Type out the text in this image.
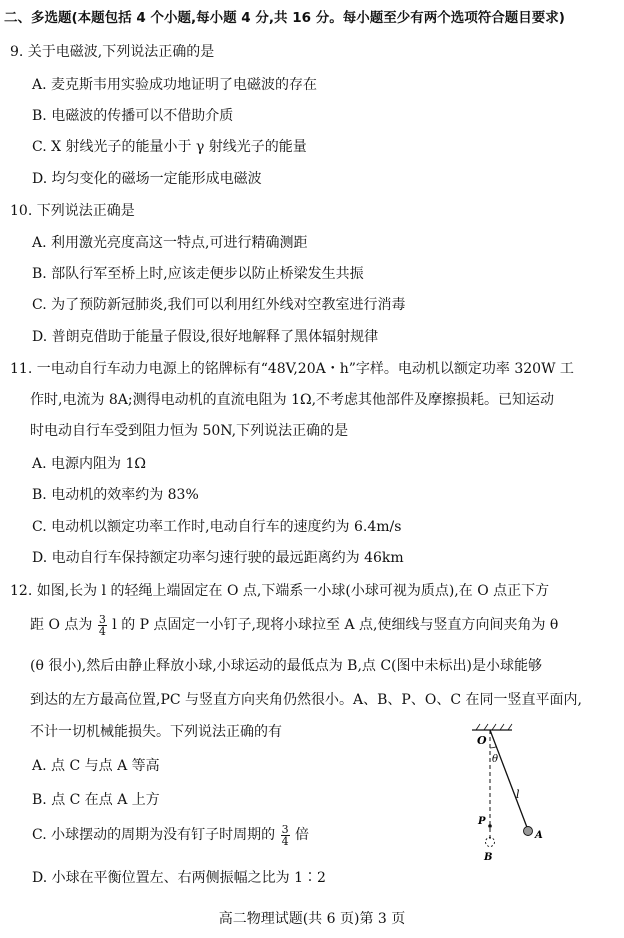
二、多选题(本题包括 4 个小题,每小题 4 分,共 16 分。每小题至少有两个选项符合题目要求)
9. 关于电磁波,下列说法正确的是
A. 麦克斯韦用实验成功地证明了电磁波的存在
B. 电磁波的传播可以不借助介质
C. X 射线光子的能量小于 γ 射线光子的能量
D. 均匀变化的磁场一定能形成电磁波
10. 下列说法正确是
A. 利用激光亮度高这一特点,可进行精确测距
B. 部队行军至桥上时,应该走便步以防止桥梁发生共振
C. 为了预防新冠肺炎,我们可以利用红外线对空教室进行消毒
D. 普朗克借助于能量子假设,很好地解释了黑体辐射规律
11. 一电动自行车动力电源上的铭牌标有“48V,20A・h”字样。电动机以额定功率 320W 工
作时,电流为 8A;测得电动机的直流电阻为 1Ω,不考虑其他部件及摩擦损耗。已知运动
时电动自行车受到阻力恒为 50N,下列说法正确的是
A. 电源内阻为 1Ω
B. 电动机的效率约为 83%
C. 电动机以额定功率工作时,电动自行车的速度约为 6.4m/s
D. 电动自行车保持额定功率匀速行驶的最远距离约为 46km
12. 如图,长为 l 的轻绳上端固定在 O 点,下端系一小球(小球可视为质点),在 O 点正下方
距 O 点为 $\frac{3}{4}$ l 的 P 点固定一小钉子,现将小球拉至 A 点,使细线与竖直方向间夹角为 θ
(θ 很小),然后由静止释放小球,小球运动的最低点为 B,点 C(图中未标出)是小球能够
到达的左方最高位置,PC 与竖直方向夹角仍然很小。A、B、P、O、C 在同一竖直平面内,
不计一切机械能损失。下列说法正确的有
A. 点 C 与点 A 等高
B. 点 C 在点 A 上方
C. 小球摆动的周期为没有钉子时周期的 $\frac{3}{4}$ 倍
D. 小球在平衡位置左、右两侧振幅之比为 1∶2
O
θ
l
P
B
A
高二物理试题(共 6 页)第 3 页
